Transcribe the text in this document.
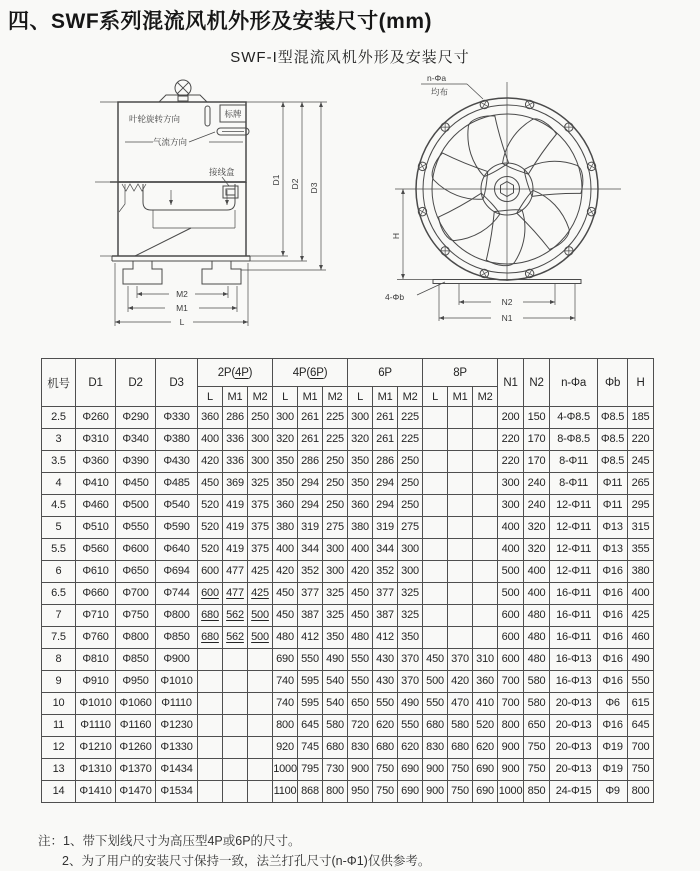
四、SWF系列混流风机外形及安装尺寸(mm)
SWF-I型混流风机外形及安装尺寸
叶轮旋转方向	标牌
气流方向
接线盒
M2
M1
L
D1 D2 D3
H
N2
N1
n-Φa
均布
4-Φb
机号	D1	D2	D3	2P(4P)			4P(6P)			6P			8P			N1	N2	n-Φa	Φb	H
				L	M1	M2	L	M1	M2	L	M1	M2	L	M1	M2					
2.5	Φ260	Φ290	Φ330	360	286	250	300	261	225	300	261	225				200	150	4-Φ8.5	Φ8.5	185
3	Φ310	Φ340	Φ380	400	336	300	320	261	225	320	261	225				220	170	8-Φ8.5	Φ8.5	220
3.5	Φ360	Φ390	Φ430	420	336	300	350	286	250	350	286	250				220	170	8-Φ11	Φ8.5	245
4	Φ410	Φ450	Φ485	450	369	325	350	294	250	350	294	250				300	240	8-Φ11	Φ11	265
4.5	Φ460	Φ500	Φ540	520	419	375	360	294	250	360	294	250				300	240	12-Φ11	Φ11	295
5	Φ510	Φ550	Φ590	520	419	375	380	319	275	380	319	275				400	320	12-Φ11	Φ13	315
5.5	Φ560	Φ600	Φ640	520	419	375	400	344	300	400	344	300				400	320	12-Φ11	Φ13	355
6	Φ610	Φ650	Φ694	600	477	425	420	352	300	420	352	300				500	400	12-Φ11	Φ16	380
6.5	Φ660	Φ700	Φ744	600	477	425	450	377	325	450	377	325				500	400	16-Φ11	Φ16	400
7	Φ710	Φ750	Φ800	680	562	500	450	387	325	450	387	325				600	480	16-Φ11	Φ16	425
7.5	Φ760	Φ800	Φ850	680	562	500	480	412	350	480	412	350				600	480	16-Φ11	Φ16	460
8	Φ810	Φ850	Φ900				690	550	490	550	430	370	450	370	310	600	480	16-Φ13	Φ16	490
9	Φ910	Φ950	Φ1010				740	595	540	550	430	370	500	420	360	700	580	16-Φ13	Φ16	550
10	Φ1010	Φ1060	Φ1110				740	595	540	650	550	490	550	470	410	700	580	20-Φ13	Φ6	615
11	Φ1110	Φ1160	Φ1230				800	645	580	720	620	550	680	580	520	800	650	20-Φ13	Φ16	645
12	Φ1210	Φ1260	Φ1330				920	745	680	830	680	620	830	680	620	900	750	20-Φ13	Φ19	700
13	Φ1310	Φ1370	Φ1434				1000	795	730	900	750	690	900	750	690	900	750	20-Φ13	Φ19	750
14	Φ1410	Φ1470	Φ1534				1100	868	800	950	750	690	900	750	690	1000	850	24-Φ15	Φ9	800
注：1、带下划线尺寸为高压型4P或6P的尺寸。
2、为了用户的安装尺寸保持一致，法兰打孔尺寸(n-Φ1)仅供参考。
